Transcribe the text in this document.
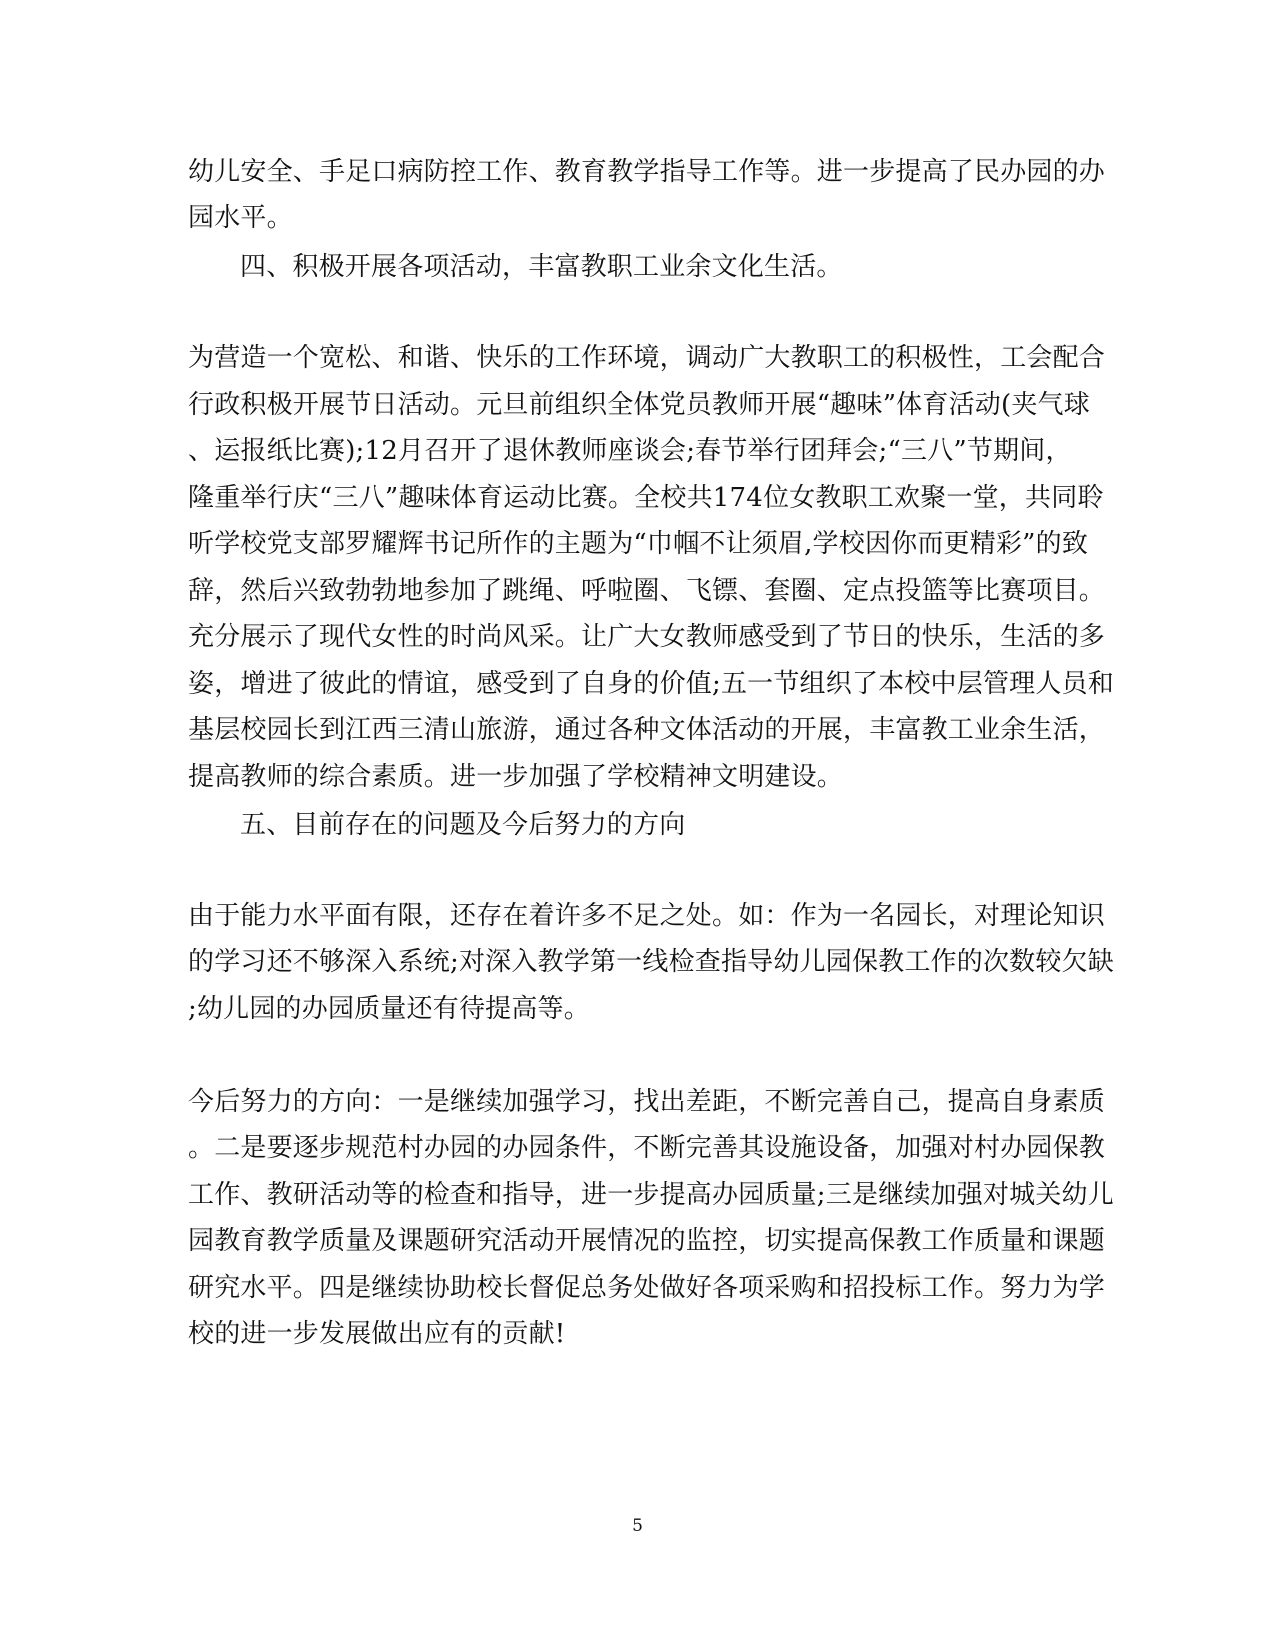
幼儿安全、手足口病防控工作、教育教学指导工作等。进一步提高了民办园的办
园水平。
四、积极开展各项活动，丰富教职工业余文化生活。
为营造一个宽松、和谐、快乐的工作环境，调动广大教职工的积极性，工会配合
行政积极开展节日活动。元旦前组织全体党员教师开展“趣味”体育活动(夹气球
、运报纸比赛);12月召开了退休教师座谈会;春节举行团拜会;“三八”节期间，
隆重举行庆“三八”趣味体育运动比赛。全校共174位女教职工欢聚一堂，共同聆
听学校党支部罗耀辉书记所作的主题为“巾帼不让须眉,学校因你而更精彩”的致
辞，然后兴致勃勃地参加了跳绳、呼啦圈、飞镖、套圈、定点投篮等比赛项目。
充分展示了现代女性的时尚风采。让广大女教师感受到了节日的快乐，生活的多
姿，增进了彼此的情谊，感受到了自身的价值;五一节组织了本校中层管理人员和
基层校园长到江西三清山旅游，通过各种文体活动的开展，丰富教工业余生活，
提高教师的综合素质。进一步加强了学校精神文明建设。
五、目前存在的问题及今后努力的方向
由于能力水平面有限，还存在着许多不足之处。如：作为一名园长，对理论知识
的学习还不够深入系统;对深入教学第一线检查指导幼儿园保教工作的次数较欠缺
;幼儿园的办园质量还有待提高等。
今后努力的方向：一是继续加强学习，找出差距，不断完善自己，提高自身素质
。二是要逐步规范村办园的办园条件，不断完善其设施设备，加强对村办园保教
工作、教研活动等的检查和指导，进一步提高办园质量;三是继续加强对城关幼儿
园教育教学质量及课题研究活动开展情况的监控，切实提高保教工作质量和课题
研究水平。四是继续协助校长督促总务处做好各项采购和招投标工作。努力为学
校的进一步发展做出应有的贡献!
5
